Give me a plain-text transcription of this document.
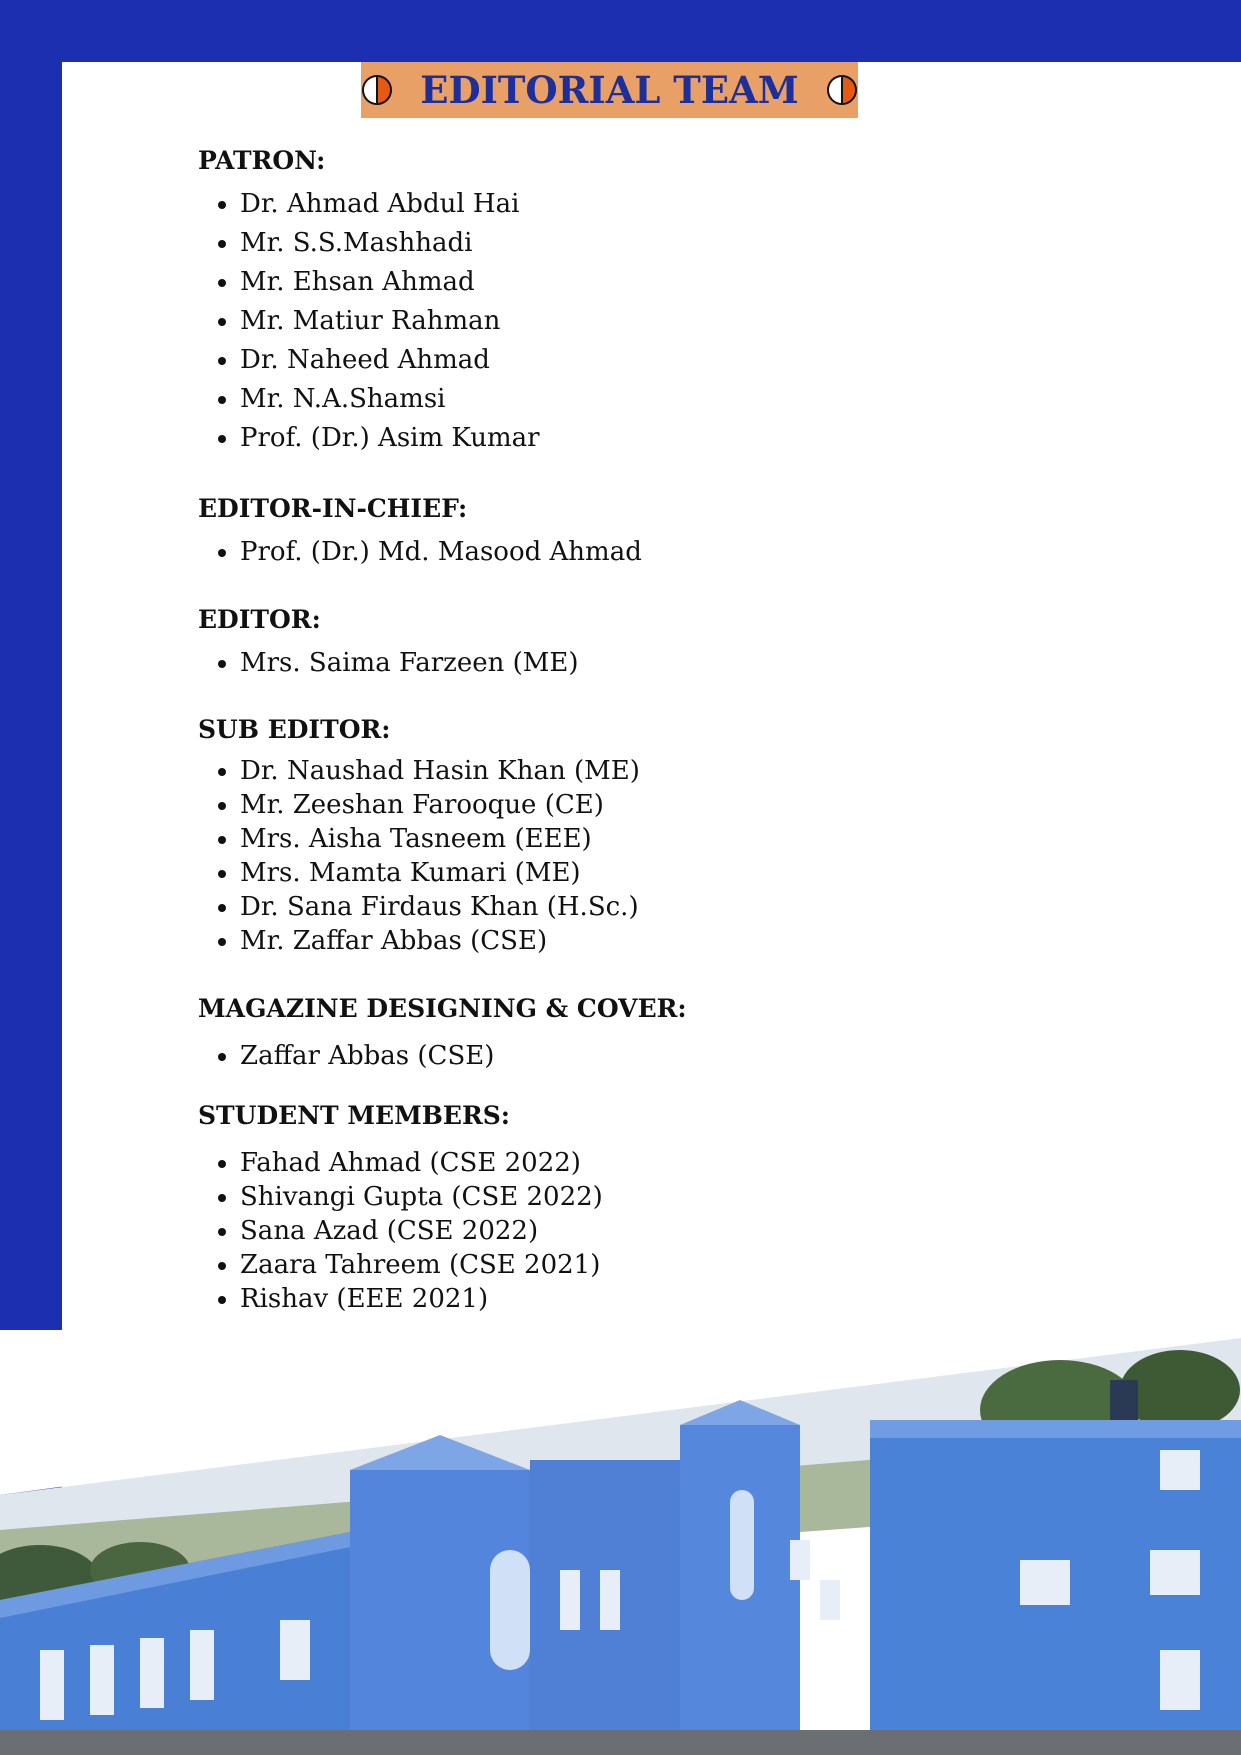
EDITORIAL TEAM
PATRON:
• Dr. Ahmad Abdul Hai
• Mr. S.S.Mashhadi
• Mr. Ehsan Ahmad
• Mr. Matiur Rahman
• Dr. Naheed Ahmad
• Mr. N.A.Shamsi
• Prof. (Dr.) Asim Kumar
EDITOR-IN-CHIEF:
• Prof. (Dr.) Md. Masood Ahmad
EDITOR:
• Mrs. Saima Farzeen (ME)
SUB EDITOR:
• Dr. Naushad Hasin Khan (ME)
• Mr. Zeeshan Farooque (CE)
• Mrs. Aisha Tasneem (EEE)
• Mrs. Mamta Kumari (ME)
• Dr. Sana Firdaus Khan (H.Sc.)
• Mr. Zaffar Abbas (CSE)
MAGAZINE DESIGNING & COVER:
• Zaffar Abbas (CSE)
STUDENT MEMBERS:
• Fahad Ahmad (CSE 2022)
• Shivangi Gupta (CSE 2022)
• Sana Azad (CSE 2022)
• Zaara Tahreem (CSE 2021)
• Rishav (EEE 2021)
